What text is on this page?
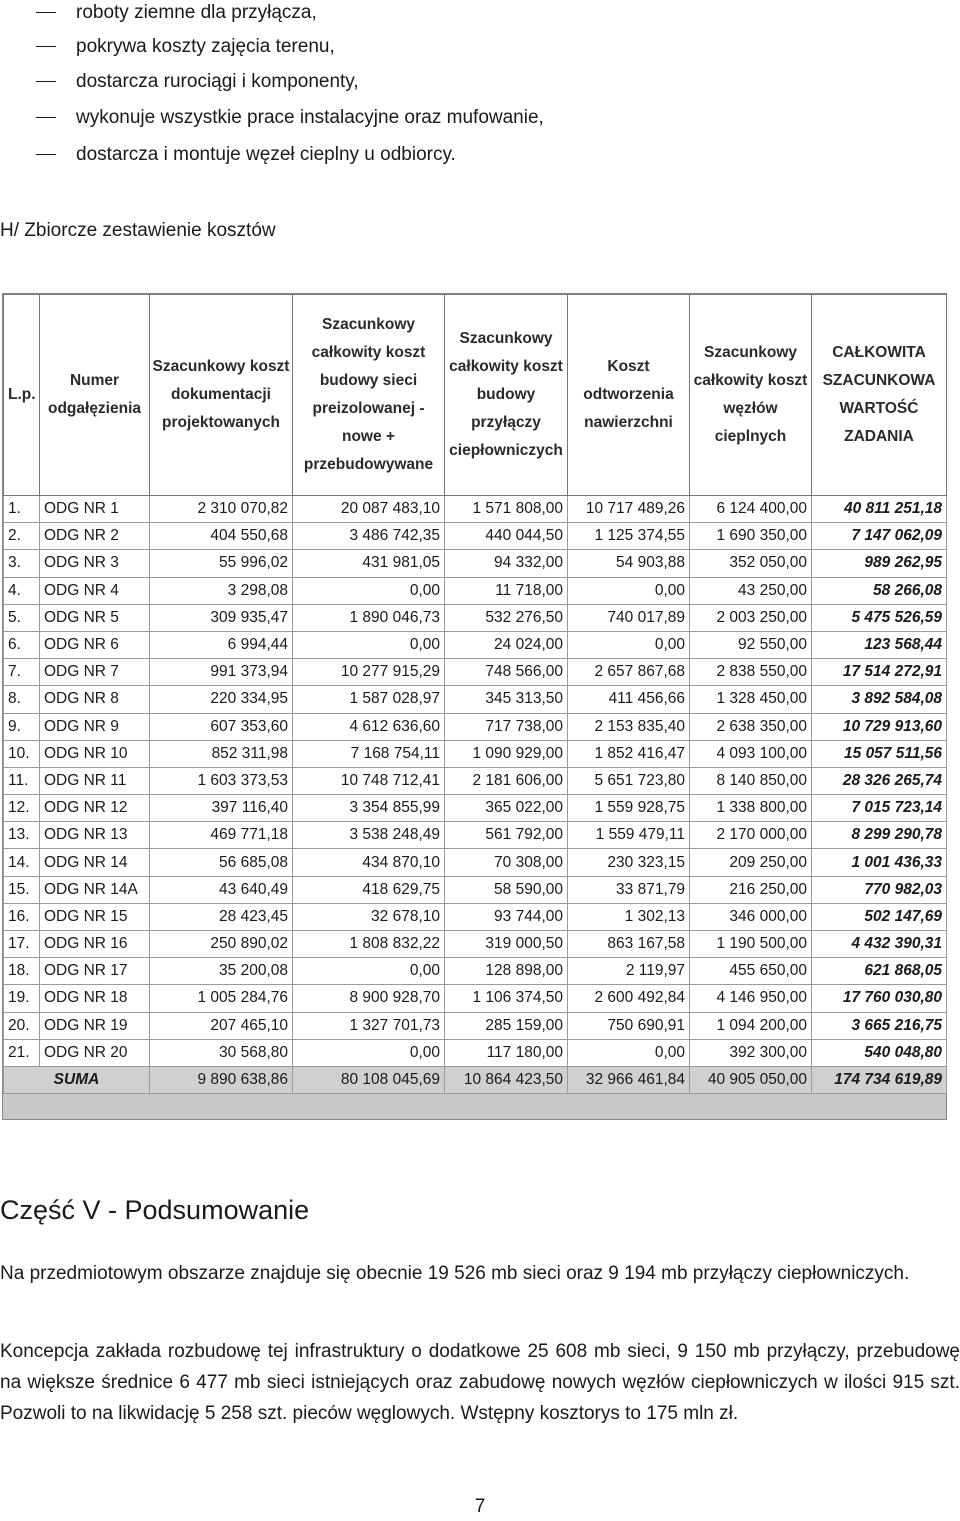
roboty ziemne dla przyłącza,
pokrywa koszty zajęcia terenu,
dostarcza rurociągi i komponenty,
wykonuje wszystkie prace instalacyjne oraz mufowanie,
dostarcza i montuje węzeł cieplny u odbiorcy.
H/ Zbiorcze zestawienie kosztów
L.p.	Numer odgałęzienia	Szacunkowy koszt dokumentacji projektowanych	Szacunkowy całkowity koszt budowy sieci preizolowanej - nowe + przebudowywane	Szacunkowy całkowity koszt budowy przyłączy ciepłowniczych	Koszt odtworzenia nawierzchni	Szacunkowy całkowity koszt węzłów cieplnych	CAŁKOWITA SZACUNKOWA WARTOŚĆ ZADANIA
1.	ODG NR 1	2 310 070,82	20 087 483,10	1 571 808,00	10 717 489,26	6 124 400,00	40 811 251,18
2.	ODG NR 2	404 550,68	3 486 742,35	440 044,50	1 125 374,55	1 690 350,00	7 147 062,09
3.	ODG NR 3	55 996,02	431 981,05	94 332,00	54 903,88	352 050,00	989 262,95
4.	ODG NR 4	3 298,08	0,00	11 718,00	0,00	43 250,00	58 266,08
5.	ODG NR 5	309 935,47	1 890 046,73	532 276,50	740 017,89	2 003 250,00	5 475 526,59
6.	ODG NR 6	6 994,44	0,00	24 024,00	0,00	92 550,00	123 568,44
7.	ODG NR 7	991 373,94	10 277 915,29	748 566,00	2 657 867,68	2 838 550,00	17 514 272,91
8.	ODG NR 8	220 334,95	1 587 028,97	345 313,50	411 456,66	1 328 450,00	3 892 584,08
9.	ODG NR 9	607 353,60	4 612 636,60	717 738,00	2 153 835,40	2 638 350,00	10 729 913,60
10.	ODG NR 10	852 311,98	7 168 754,11	1 090 929,00	1 852 416,47	4 093 100,00	15 057 511,56
11.	ODG NR 11	1 603 373,53	10 748 712,41	2 181 606,00	5 651 723,80	8 140 850,00	28 326 265,74
12.	ODG NR 12	397 116,40	3 354 855,99	365 022,00	1 559 928,75	1 338 800,00	7 015 723,14
13.	ODG NR 13	469 771,18	3 538 248,49	561 792,00	1 559 479,11	2 170 000,00	8 299 290,78
14.	ODG NR 14	56 685,08	434 870,10	70 308,00	230 323,15	209 250,00	1 001 436,33
15.	ODG NR 14A	43 640,49	418 629,75	58 590,00	33 871,79	216 250,00	770 982,03
16.	ODG NR 15	28 423,45	32 678,10	93 744,00	1 302,13	346 000,00	502 147,69
17.	ODG NR 16	250 890,02	1 808 832,22	319 000,50	863 167,58	1 190 500,00	4 432 390,31
18.	ODG NR 17	35 200,08	0,00	128 898,00	2 119,97	455 650,00	621 868,05
19.	ODG NR 18	1 005 284,76	8 900 928,70	1 106 374,50	2 600 492,84	4 146 950,00	17 760 030,80
20.	ODG NR 19	207 465,10	1 327 701,73	285 159,00	750 690,91	1 094 200,00	3 665 216,75
21.	ODG NR 20	30 568,80	0,00	117 180,00	0,00	392 300,00	540 048,80
SUMA		9 890 638,86	80 108 045,69	10 864 423,50	32 966 461,84	40 905 050,00	174 734 619,89
Część V - Podsumowanie
Na przedmiotowym obszarze znajduje się obecnie 19 526 mb sieci oraz 9 194 mb przyłączy ciepłowniczych.
Koncepcja zakłada rozbudowę tej infrastruktury o dodatkowe 25 608 mb sieci, 9 150 mb przyłączy, przebudowę na większe średnice 6 477 mb sieci istniejących oraz zabudowę nowych węzłów ciepłowniczych w ilości 915 szt. Pozwoli to na likwidację 5 258 szt. pieców węglowych. Wstępny kosztorys to 175 mln zł.
7
